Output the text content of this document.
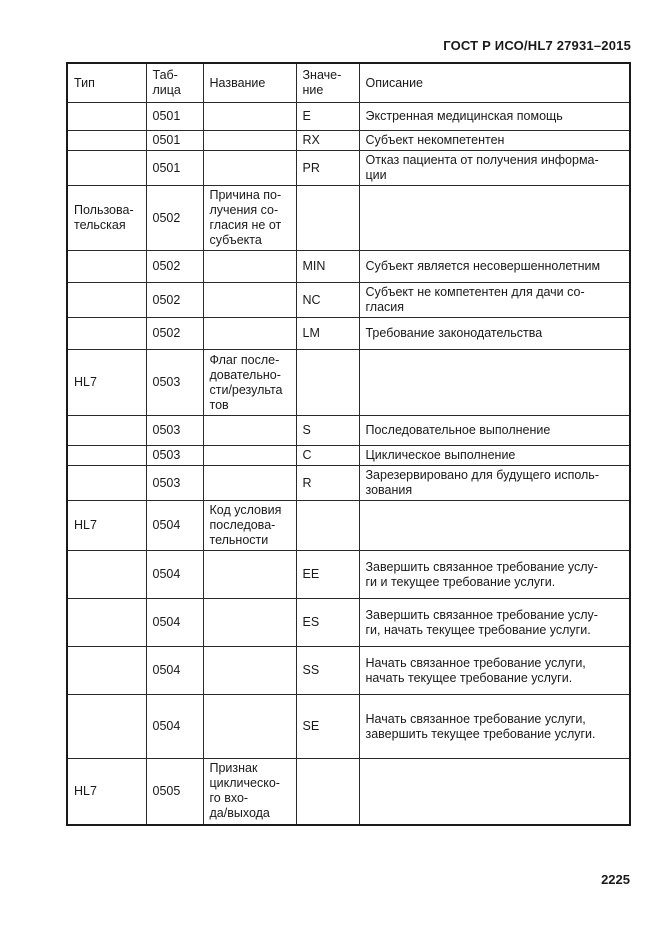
ГОСТ Р ИСО/HL7 27931–2015
Тип	Таб-
лица	Название	Значе-
ние	Описание
	0501		E	Экстренная медицинская помощь
	0501		RX	Субъект некомпетентен
	0501		PR	Отказ пациента от получения информа-
ции
Пользова-
тельская	0502	Причина по-
лучения со-
гласия не от
субъекта		
	0502		MIN	Субъект является несовершеннолетним
	0502		NC	Субъект не компетентен для дачи со-
гласия
	0502		LM	Требование законодательства
HL7	0503	Флаг после-
довательно-
сти/результа
тов		
	0503		S	Последовательное выполнение
	0503		C	Циклическое выполнение
	0503		R	Зарезервировано для будущего исполь-
зования
HL7	0504	Код условия
последова-
тельности		
	0504		EE	Завершить связанное требование услу-
ги и текущее требование услуги.
	0504		ES	Завершить связанное требование услу-
ги, начать текущее требование услуги.
	0504		SS	Начать связанное требование услуги,
начать текущее требование услуги.
	0504		SE	Начать связанное требование услуги,
завершить текущее требование услуги.
HL7	0505	Признак
циклическо-
го вхо-
да/выхода		
2225
